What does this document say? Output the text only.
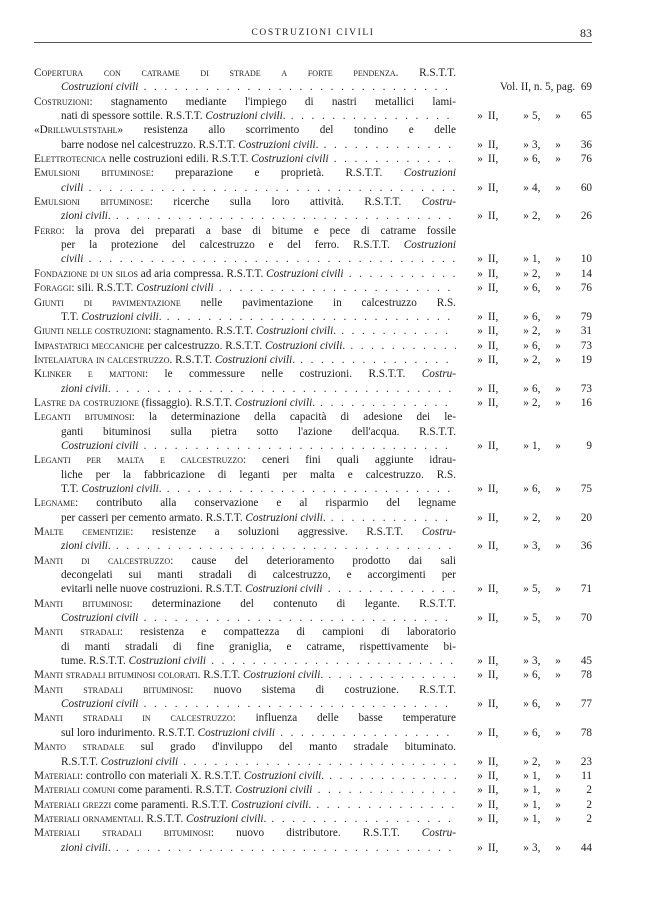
COSTRUZIONI CIVILI	83
Copertura con catrame di strade a forte pendenza. R.S.T.T.
Costruzioni civili . . .	Vol. II, n. 5, pag. 69
Costruzioni: stagnamento mediante l'impiego di nastri metallici lami-
nati di spessore sottile. R.S.T.T. Costruzioni civili. . . .	» II,	» 5,	»	65
«Drillwulststahl» resistenza allo scorrimento del tondino e delle
barre nodose nel calcestruzzo. R.S.T.T. Costruzioni civili. . . .	» II,	» 3,	»	36
Elettrotecnica nelle costruzioni edili. R.S.T.T. Costruzioni civili . . .	» II,	» 6,	»	76
Emulsioni bituminose: preparazione e proprietà. R.S.T.T. Costruzioni
civili . . .	» II,	» 4,	»	60
Emulsioni bituminose: ricerche sulla loro attività. R.S.T.T. Costru-
zioni civili. . . .	» II,	» 2,	»	26
Ferro: la prova dei preparati a base di bitume e pece di catrame fossile
per la protezione del calcestruzzo e del ferro. R.S.T.T. Costruzioni
civili . . .	» II,	» 1,	»	10
Fondazione di un silos ad aria compressa. R.S.T.T. Costruzioni civili . . .	» II,	» 2,	»	14
Foraggi: sili. R.S.T.T. Costruzioni civili . . .	» II,	» 6,	»	76
Giunti di pavimentazione nelle pavimentazione in calcestruzzo R.S.
T.T. Costruzioni civili. . . .	» II,	» 6,	»	79
Giunti nelle costruzioni: stagnamento. R.S.T.T. Costruzioni civili. . . .	» II,	» 2,	»	31
Impastatrici meccaniche per calcestruzzo. R.S.T.T. Costruzioni civili. . . .	» II,	» 6,	»	73
Intelaiatura in calcestruzzo. R.S.T.T. Costruzioni civili. . . .	» II,	» 2,	»	19
Klinker e mattoni: le commessure nelle costruzioni. R.S.T.T. Costru-
zioni civili. . . .	» II,	» 6,	»	73
Lastre da costruzione (fissaggio). R.S.T.T. Costruzioni civili. . . .	» II,	» 2,	»	16
Leganti bituminosi: la determinazione della capacità di adesione dei le-
ganti bituminosi sulla pietra sotto l'azione dell'acqua. R.S.T.T.
Costruzioni civili . . .	» II,	» 1,	»	9
Leganti per malta e calcestruzzo: ceneri fini quali aggiunte idrau-
liche per la fabbricazione di leganti per malta e calcestruzzo. R.S.
T.T. Costruzioni civili. . . .	» II,	» 6,	»	75
Legname: contributo alla conservazione e al risparmio del legname
per casseri per cemento armato. R.S.T.T. Costruzioni civili. . . .	» II,	» 2,	»	20
Malte cementizie: resistenze a soluzioni aggressive. R.S.T.T. Costru-
zioni civili. . . .	» II,	» 3,	»	36
Manti di calcestruzzo: cause del deterioramento prodotto dai sali
decongelati sui manti stradali di calcestruzzo, e accorgimenti per
evitarli nelle nuove costruzioni. R.S.T.T. Costruzioni civili . . .	» II,	» 5,	»	71
Manti bituminosi: determinazione del contenuto di legante. R.S.T.T.
Costruzioni civili . . .	» II,	» 5,	»	70
Manti stradali: resistenza e compattezza di campioni di laboratorio
di manti stradali di fine graniglia, e catrame, rispettivamente bi-
tume. R.S.T.T. Costruzioni civili . . .	» II,	» 3,	»	45
Manti stradali bituminosi colorati. R.S.T.T. Costruzioni civili. . . .	» II,	» 6,	»	78
Manti stradali bituminosi: nuovo sistema di costruzione. R.S.T.T.
Costruzioni civili . . .	» II,	» 6,	»	77
Manti stradali in calcestruzzo: influenza delle basse temperature
sul loro indurimento. R.S.T.T. Costruzioni civili . . .	» II,	» 6,	»	78
Manto stradale sul grado d'inviluppo del manto stradale bituminato.
R.S.T.T. Costruzioni civili . . .	» II,	» 2,	»	23
Materiali: controllo con materiali X. R.S.T.T. Costruzioni civili. . . .	» II,	» 1,	»	11
Materiali comuni come paramenti. R.S.T.T. Costruzioni civili . . .	» II,	» 1,	»	2
Materiali grezzi come paramenti. R.S.T.T. Costruzioni civili. . . .	» II,	» 1,	»	2
Materiali ornamentali. R.S.T.T. Costruzioni civili. . . .	» II,	» 1,	»	2
Materiali stradali bituminosi: nuovo distributore. R.S.T.T. Costru-
zioni civili. . . .	» II,	» 3,	»	44
